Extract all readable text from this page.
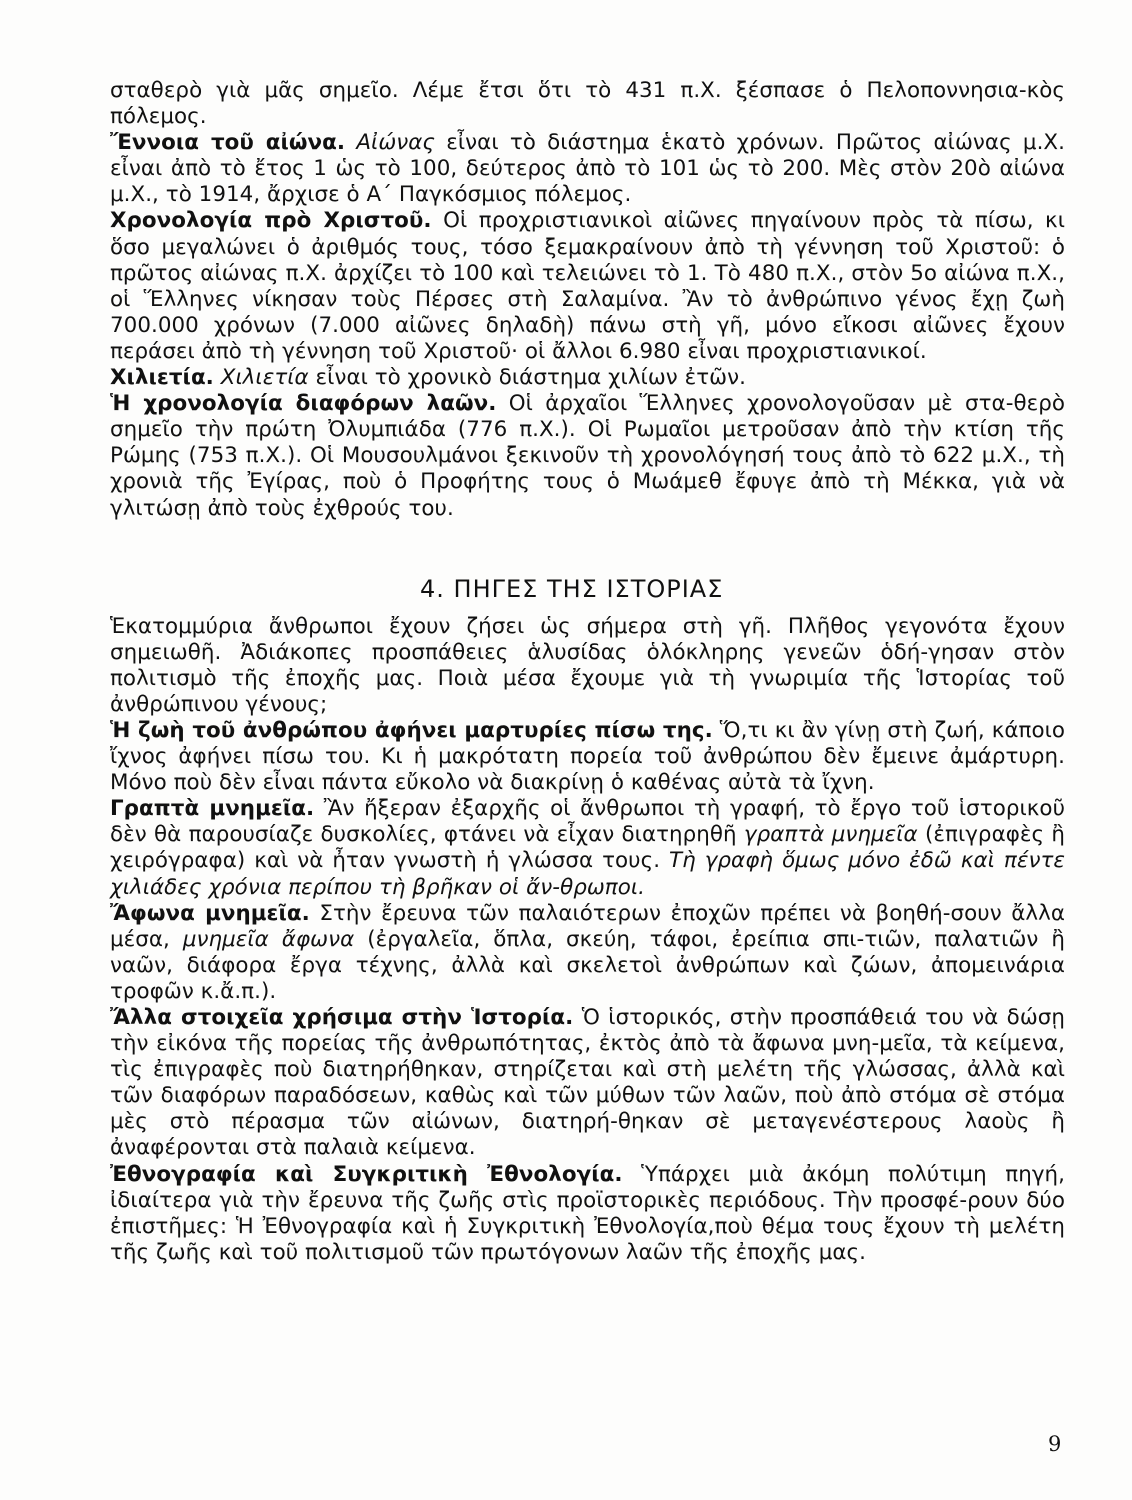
σταθερὸ γιὰ μᾶς σημεῖο. Λέμε ἔτσι ὅτι τὸ 431 π.Χ. ξέσπασε ὁ Πελοποννησια-κὸς πόλεμος.

Ἔννοια τοῦ αἰώνα. Αἰώνας εἶναι τὸ διάστημα ἑκατὸ χρόνων. Πρῶτος αἰώνας μ.Χ. εἶναι ἀπὸ τὸ ἔτος 1 ὡς τὸ 100, δεύτερος ἀπὸ τὸ 101 ὡς τὸ 200. Μὲς στὸν 20ὸ αἰώνα μ.Χ., τὸ 1914, ἄρχισε ὁ Α΄ Παγκόσμιος πόλεμος.

Χρονολογία πρὸ Χριστοῦ. Οἱ προχριστιανικοὶ αἰῶνες πηγαίνουν πρὸς τὰ πίσω, κι ὅσο μεγαλώνει ὁ ἀριθμός τους, τόσο ξεμακραίνουν ἀπὸ τὴ γέννηση τοῦ Χριστοῦ: ὁ πρῶτος αἰώνας π.Χ. ἀρχίζει τὸ 100 καὶ τελειώνει τὸ 1. Τὸ 480 π.Χ., στὸν 5ο αἰώνα π.Χ., οἱ Ἕλληνες νίκησαν τοὺς Πέρσες στὴ Σαλαμίνα. Ἂν τὸ ἀνθρώπινο γένος ἔχῃ ζωὴ 700.000 χρόνων (7.000 αἰῶνες δηλαδὴ) πάνω στὴ γῆ, μόνο εἴκοσι αἰῶνες ἔχουν περάσει ἀπὸ τὴ γέννηση τοῦ Χριστοῦ· οἱ ἄλλοι 6.980 εἶναι προχριστιανικοί.

Χιλιετία. Χιλιετία εἶναι τὸ χρονικὸ διάστημα χιλίων ἐτῶν.

Ἡ χρονολογία διαφόρων λαῶν. Οἱ ἀρχαῖοι Ἕλληνες χρονολογοῦσαν μὲ στα-θερὸ σημεῖο τὴν πρώτη Ὀλυμπιάδα (776 π.Χ.). Οἱ Ρωμαῖοι μετροῦσαν ἀπὸ τὴν κτίση τῆς Ρώμης (753 π.Χ.). Οἱ Μουσουλμάνοι ξεκινοῦν τὴ χρονολόγησή τους ἀπὸ τὸ 622 μ.Χ., τὴ χρονιὰ τῆς Ἐγίρας, ποὺ ὁ Προφήτης τους ὁ Μωάμεθ ἔφυγε ἀπὸ τὴ Μέκκα, γιὰ νὰ γλιτώσῃ ἀπὸ τοὺς ἐχθρούς του.

4. ΠΗΓΕΣ ΤΗΣ ΙΣΤΟΡΙΑΣ

Ἑκατομμύρια ἄνθρωποι ἔχουν ζήσει ὡς σήμερα στὴ γῆ. Πλῆθος γεγονότα ἔχουν σημειωθῆ. Ἀδιάκοπες προσπάθειες ἁλυσίδας ὁλόκληρης γενεῶν ὁδή-γησαν στὸν πολιτισμὸ τῆς ἐποχῆς μας. Ποιὰ μέσα ἔχουμε γιὰ τὴ γνωριμία τῆς Ἱστορίας τοῦ ἀνθρώπινου γένους;

Ἡ ζωὴ τοῦ ἀνθρώπου ἀφήνει μαρτυρίες πίσω της. Ὅ,τι κι ἂν γίνῃ στὴ ζωή, κάποιο ἴχνος ἀφήνει πίσω του. Κι ἡ μακρότατη πορεία τοῦ ἀνθρώπου δὲν ἔμεινε ἀμάρτυρη. Μόνο ποὺ δὲν εἶναι πάντα εὔκολο νὰ διακρίνῃ ὁ καθένας αὐτὰ τὰ ἴχνη.

Γραπτὰ μνημεῖα. Ἂν ἤξεραν ἐξαρχῆς οἱ ἄνθρωποι τὴ γραφή, τὸ ἔργο τοῦ ἱστορικοῦ δὲν θὰ παρουσίαζε δυσκολίες, φτάνει νὰ εἶχαν διατηρηθῆ γραπτὰ μνημεῖα (ἐπιγραφὲς ἢ χειρόγραφα) καὶ νὰ ἦταν γνωστὴ ἡ γλώσσα τους. Τὴ γραφὴ ὅμως μόνο ἐδῶ καὶ πέντε χιλιάδες χρόνια περίπου τὴ βρῆκαν οἱ ἄν-θρωποι.

Ἄφωνα μνημεῖα. Στὴν ἔρευνα τῶν παλαιότερων ἐποχῶν πρέπει νὰ βοηθή-σουν ἄλλα μέσα, μνημεῖα ἄφωνα (ἐργαλεῖα, ὅπλα, σκεύη, τάφοι, ἐρείπια σπι-τιῶν, παλατιῶν ἢ ναῶν, διάφορα ἔργα τέχνης, ἀλλὰ καὶ σκελετοὶ ἀνθρώπων καὶ ζώων, ἀπομεινάρια τροφῶν κ.ἄ.π.).

Ἄλλα στοιχεῖα χρήσιμα στὴν Ἱστορία. Ὁ ἱστορικός, στὴν προσπάθειά του νὰ δώσῃ τὴν εἰκόνα τῆς πορείας τῆς ἀνθρωπότητας, ἐκτὸς ἀπὸ τὰ ἄφωνα μνη-μεῖα, τὰ κείμενα, τὶς ἐπιγραφὲς ποὺ διατηρήθηκαν, στηρίζεται καὶ στὴ μελέτη τῆς γλώσσας, ἀλλὰ καὶ τῶν διαφόρων παραδόσεων, καθὼς καὶ τῶν μύθων τῶν λαῶν, ποὺ ἀπὸ στόμα σὲ στόμα μὲς στὸ πέρασμα τῶν αἰώνων, διατηρή-θηκαν σὲ μεταγενέστερους λαοὺς ἢ ἀναφέρονται στὰ παλαιὰ κείμενα.

Ἐθνογραφία καὶ Συγκριτικὴ Ἐθνολογία. Ὑπάρχει μιὰ ἀκόμη πολύτιμη πηγή, ἰδιαίτερα γιὰ τὴν ἔρευνα τῆς ζωῆς στὶς προϊστορικὲς περιόδους. Τὴν προσφέ-ρουν δύο ἐπιστῆμες: Ἡ Ἐθνογραφία καὶ ἡ Συγκριτικὴ Ἐθνολογία,ποὺ θέμα τους ἔχουν τὴ μελέτη τῆς ζωῆς καὶ τοῦ πολιτισμοῦ τῶν πρωτόγονων λαῶν τῆς ἐποχῆς μας.

9
